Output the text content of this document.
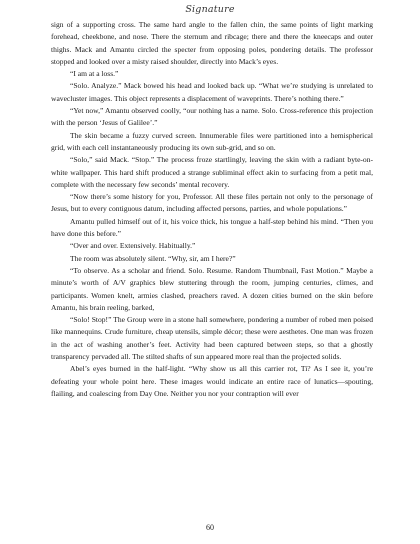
Signature

sign of a supporting cross. The same hard angle to the fallen chin, the same points of light marking forehead, cheekbone, and nose. There the sternum and ribcage; there and there the kneecaps and outer thighs. Mack and Amantu circled the specter from opposing poles, pondering details. The professor stopped and looked over a misty raised shoulder, directly into Mack’s eyes.

“I am at a loss.”

“Solo. Analyze.” Mack bowed his head and looked back up. “What we’re studying is unrelated to wavecluster images. This object represents a displacement of waveprints. There’s nothing there.”

“Yet now,” Amantu observed coolly, “our nothing has a name. Solo. Cross-reference this projection with the person ‘Jesus of Galilee’.”

The skin became a fuzzy curved screen. Innumerable files were partitioned into a hemispherical grid, with each cell instantaneously producing its own sub-grid, and so on.

“Solo,” said Mack. “Stop.” The process froze startlingly, leaving the skin with a radiant byte-on-white wallpaper. This hard shift produced a strange subliminal effect akin to surfacing from a petit mal, complete with the necessary few seconds’ mental recovery.

“Now there’s some history for you, Professor. All these files pertain not only to the personage of Jesus, but to every contiguous datum, including affected persons, parties, and whole populations.”

Amantu pulled himself out of it, his voice thick, his tongue a half-step behind his mind. “Then you have done this before.”

“Over and over. Extensively. Habitually.”

The room was absolutely silent. “Why, sir, am I here?”

“To observe. As a scholar and friend. Solo. Resume. Random Thumbnail, Fast Motion.” Maybe a minute’s worth of A/V graphics blew stuttering through the room, jumping centuries, climes, and participants. Women knelt, armies clashed, preachers raved. A dozen cities burned on the skin before Amantu, his brain reeling, barked,

“Solo! Stop!” The Group were in a stone hall somewhere, pondering a number of robed men poised like mannequins. Crude furniture, cheap utensils, simple décor; these were aesthetes. One man was frozen in the act of washing another’s feet. Activity had been captured between steps, so that a ghostly transparency pervaded all. The stilted shafts of sun appeared more real than the projected solids.

Abel’s eyes burned in the half-light. “Why show us all this carrier rot, Ti? As I see it, you’re defeating your whole point here. These images would indicate an entire race of lunatics—spouting, flailing, and coalescing from Day One. Neither you nor your contraption will ever

60
